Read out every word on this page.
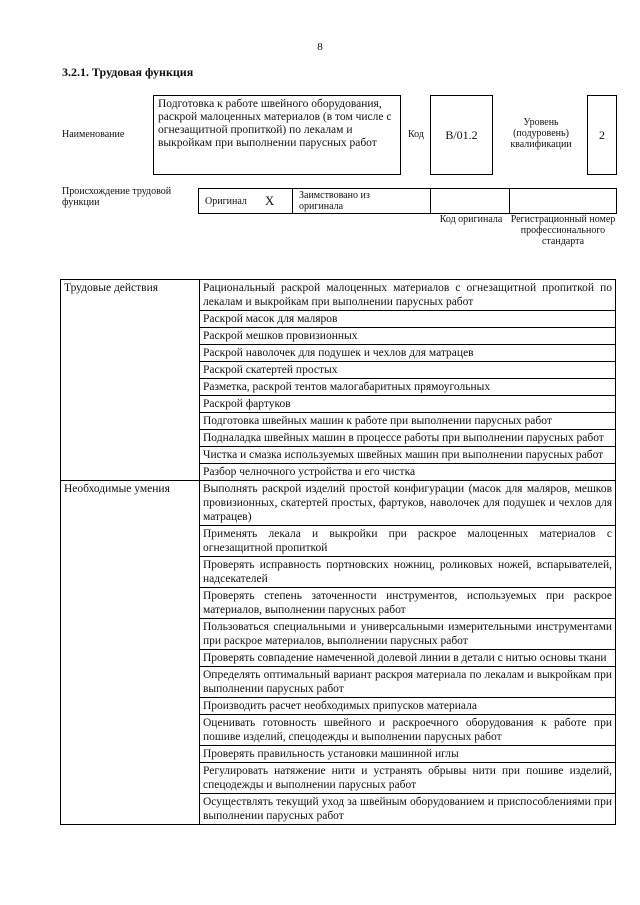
8
3.2.1. Трудовая функция
Наименование
Подготовка к работе швейного оборудования, раскрой малоценных материалов (в том числе с огнезащитной пропиткой) по лекалам и выкройкам при выполнении парусных работ
Код В/01.2
Уровень (подуровень) квалификации
2
Происхождение трудовой функции	Оригинал X Заимствовано из оригинала
Код оригинала Регистрационный номер профессионального стандарта
Трудовые действия	Рациональный раскрой малоценных материалов с огнезащитной пропиткой по лекалам и выкройкам при выполнении парусных работ
	Раскрой масок для маляров
	Раскрой мешков провизионных
	Раскрой наволочек для подушек и чехлов для матрацев
	Раскрой скатертей простых
	Разметка, раскрой тентов малогабаритных прямоугольных
	Раскрой фартуков
	Подготовка швейных машин к работе при выполнении парусных работ
	Подналадка швейных машин в процессе работы при выполнении парусных работ
	Чистка и смазка используемых швейных машин при выполнении парусных работ
	Разбор челночного устройства и его чистка
Необходимые умения	Выполнять раскрой изделий простой конфигурации (масок для маляров, мешков провизионных, скатертей простых, фартуков, наволочек для подушек и чехлов для матрацев)
	Применять лекала и выкройки при раскрое малоценных материалов с огнезащитной пропиткой
	Проверять исправность портновских ножниц, роликовых ножей, вспарывателей, надсекателей
	Проверять степень заточенности инструментов, используемых при раскрое материалов, выполнении парусных работ
	Пользоваться специальными и универсальными измерительными инструментами при раскрое материалов, выполнении парусных работ
	Проверять совпадение намеченной долевой линии в детали с нитью основы ткани
	Определять оптимальный вариант раскроя материала по лекалам и выкройкам при выполнении парусных работ
	Производить расчет необходимых припусков материала
	Оценивать готовность швейного и раскроечного оборудования к работе при пошиве изделий, спецодежды и выполнении парусных работ
	Проверять правильность установки машинной иглы
	Регулировать натяжение нити и устранять обрывы нити при пошиве изделий, спецодежды и выполнении парусных работ
	Осуществлять текущий уход за швейным оборудованием и приспособлениями при выполнении парусных работ
